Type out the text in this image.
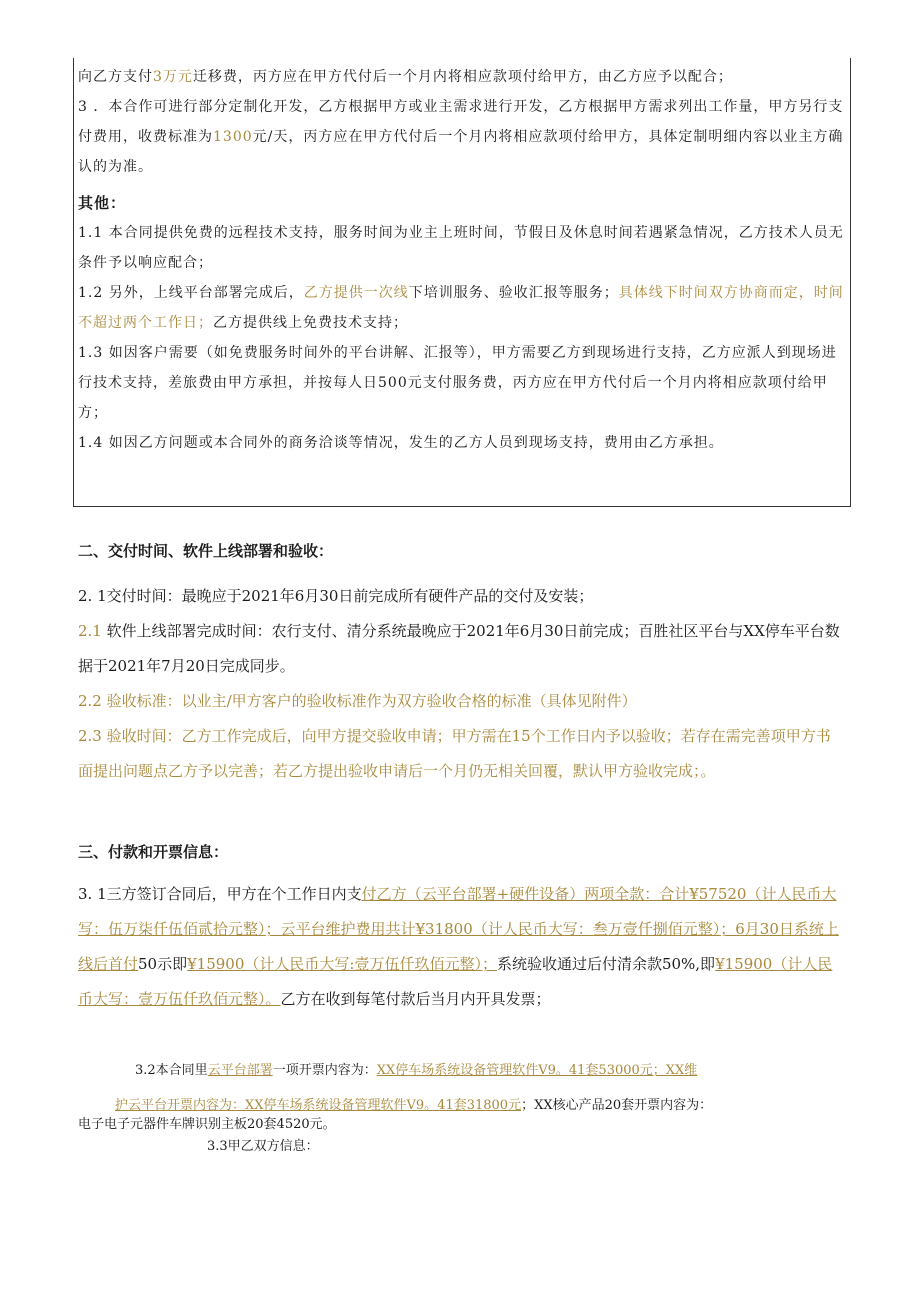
向乙方支付3万元迁移费，丙方应在甲方代付后一个月内将相应款项付给甲方，由乙方应予以配合；

3 ．本合作可进行部分定制化开发，乙方根据甲方或业主需求进行开发，乙方根据甲方需求列出工作量，甲方另行支付费用，收费标准为1300元/天，丙方应在甲方代付后一个月内将相应款项付给甲方，具体定制明细内容以业主方确认的为准。

其他：

1.1 本合同提供免费的远程技术支持，服务时间为业主上班时间，节假日及休息时间若遇紧急情况，乙方技术人员无条件予以响应配合；

1.2 另外，上线平台部署完成后，乙方提供一次线下培训服务、验收汇报等服务；具体线下时间双方协商而定，时间不超过两个工作日；乙方提供线上免费技术支持；

1.3 如因客户需要（如免费服务时间外的平台讲解、汇报等），甲方需要乙方到现场进行支持，乙方应派人到现场进行技术支持，差旅费由甲方承担，并按每人日500元支付服务费，丙方应在甲方代付后一个月内将相应款项付给甲方；

1.4 如因乙方问题或本合同外的商务洽谈等情况，发生的乙方人员到现场支持，费用由乙方承担。

二、交付时间、软件上线部署和验收：

2. 1交付时间：最晚应于2021年6月30日前完成所有硬件产品的交付及安装；

2.1 软件上线部署完成时间：农行支付、清分系统最晚应于2021年6月30日前完成；百胜社区平台与XX停车平台数据于2021年7月20日完成同步。

2.2 验收标准：以业主/甲方客户的验收标准作为双方验收合格的标准（具体见附件）

2.3 验收时间：乙方工作完成后，向甲方提交验收申请；甲方需在15个工作日内予以验收；若存在需完善项甲方书面提出问题点乙方予以完善；若乙方提出验收申请后一个月仍无相关回覆，默认甲方验收完成；。

三、付款和开票信息：

3. 1三方签订合同后，甲方在个工作日内支付乙方（云平台部署+硬件设备）两项全款：合计¥57520（计人民币大写：伍万柒仟伍佰贰拾元整）；云平台维护费用共计¥31800（计人民币大写：叁万壹仟捌佰元整）；6月30日系统上线后首付50示即¥15900（计人民币大写:壹万伍仟玖佰元整）；系统验收通过后付清余款50%,即¥15900（计人民币大写：壹万伍仟玖佰元整）。乙方在收到每笔付款后当月内开具发票；

3.2本合同里云平台部署一项开票内容为：XX停车场系统设备管理软件V9。41套53000元；XX维

护云平台开票内容为：XX停车场系统设备管理软件V9。41套31800元；XX核心产品20套开票内容为：

电子电子元器件车牌识别主板20套4520元。

3.3甲乙双方信息：
